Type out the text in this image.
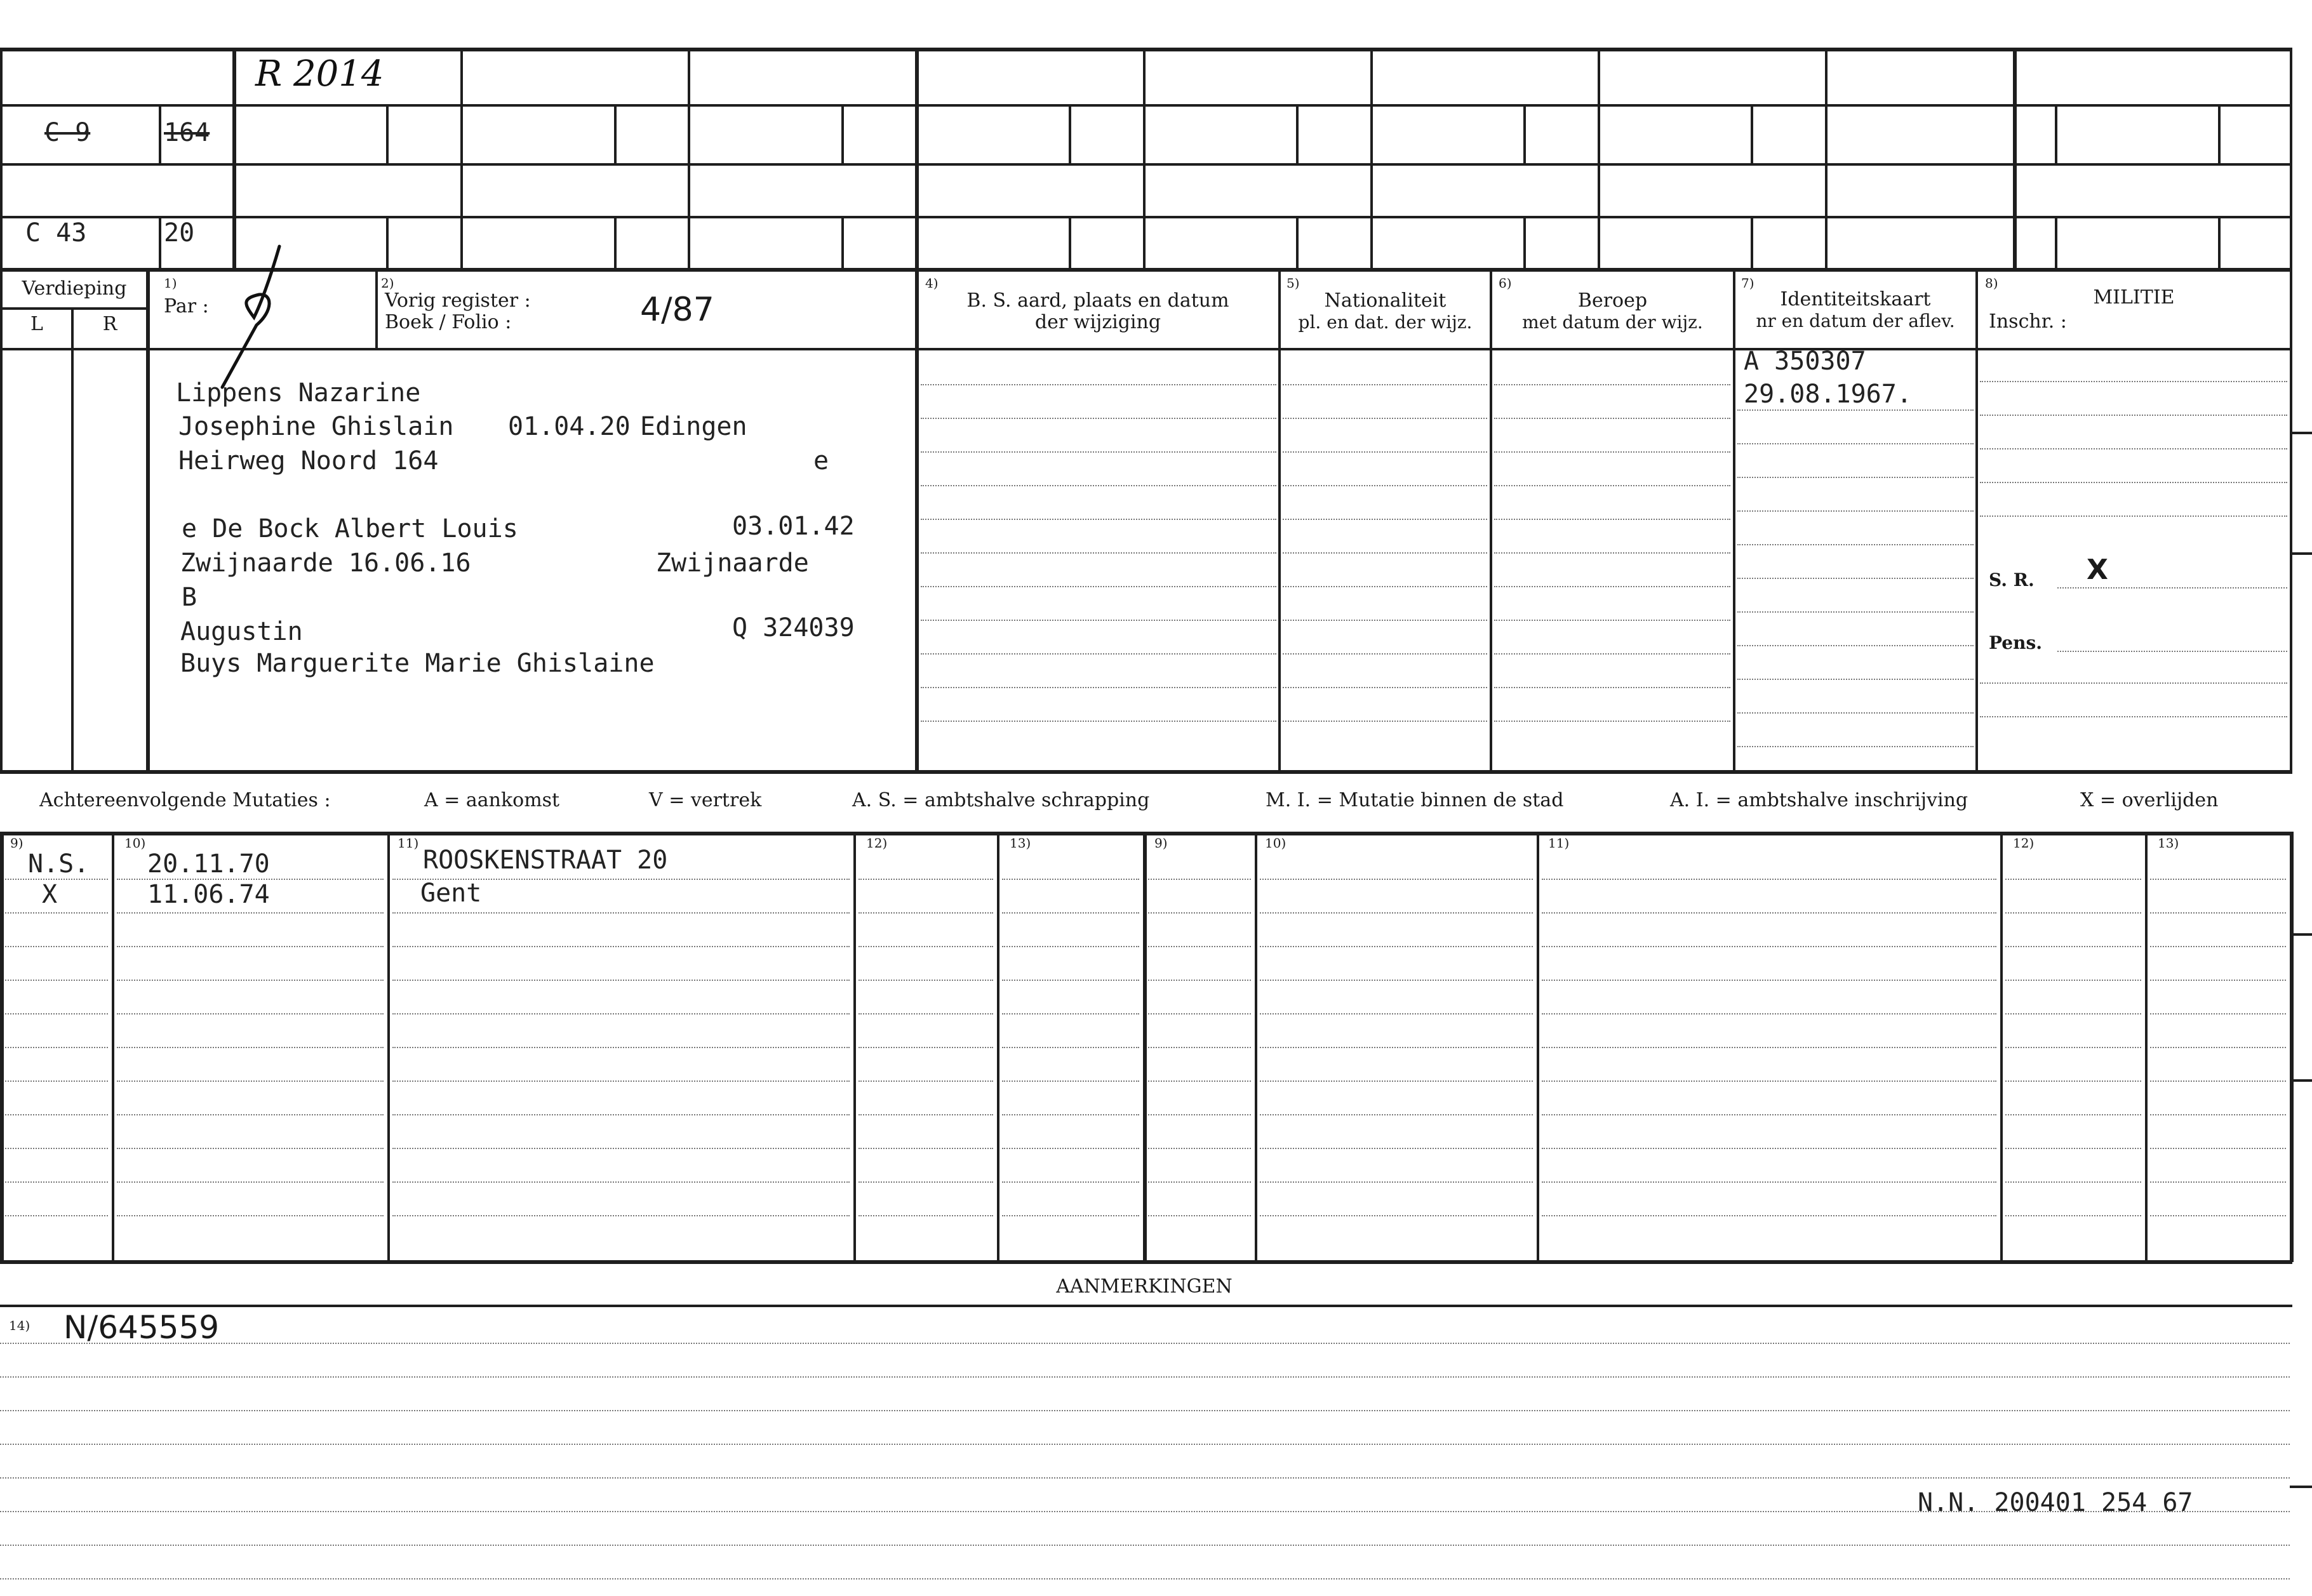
R 2014
C 9	164
C 43	20
Verdieping
L	R
1)
Par :
2)
Vorig register :
Boek / Folio :	4/87
4)
B. S. aard, plaats en datum
der wijziging
5)
Nationaliteit
pl. en dat. der wijz.
6)
Beroep
met datum der wijz.
7)
Identiteitskaart
nr en datum der aflev.
8)
MILITIE
Inschr. :
Lippens Nazarine
Josephine Ghislain 01.04.20 Edingen
Heirweg Noord 164	e
e De Bock Albert Louis	03.01.42
Zwijnaarde 16.06.16	Zwijnaarde
B
Augustin	Q 324039
Buys Marguerite Marie Ghislaine
A 350307
29.08.1967.
S. R. X
Pens.
Achtereenvolgende Mutaties :	A = aankomst	V = vertrek	A. S. = ambtshalve schrapping	M. I. = Mutatie binnen de stad	A. I. = ambtshalve inschrijving	X = overlijden
9)	10)	11)	12)	13)	9)	10)	11)	12)	13)
N.S. 20.11.70	ROOSKENSTRAAT 20
X	11.06.74	Gent
AANMERKINGEN
14) N/645559
N.N. 200401 254 67
